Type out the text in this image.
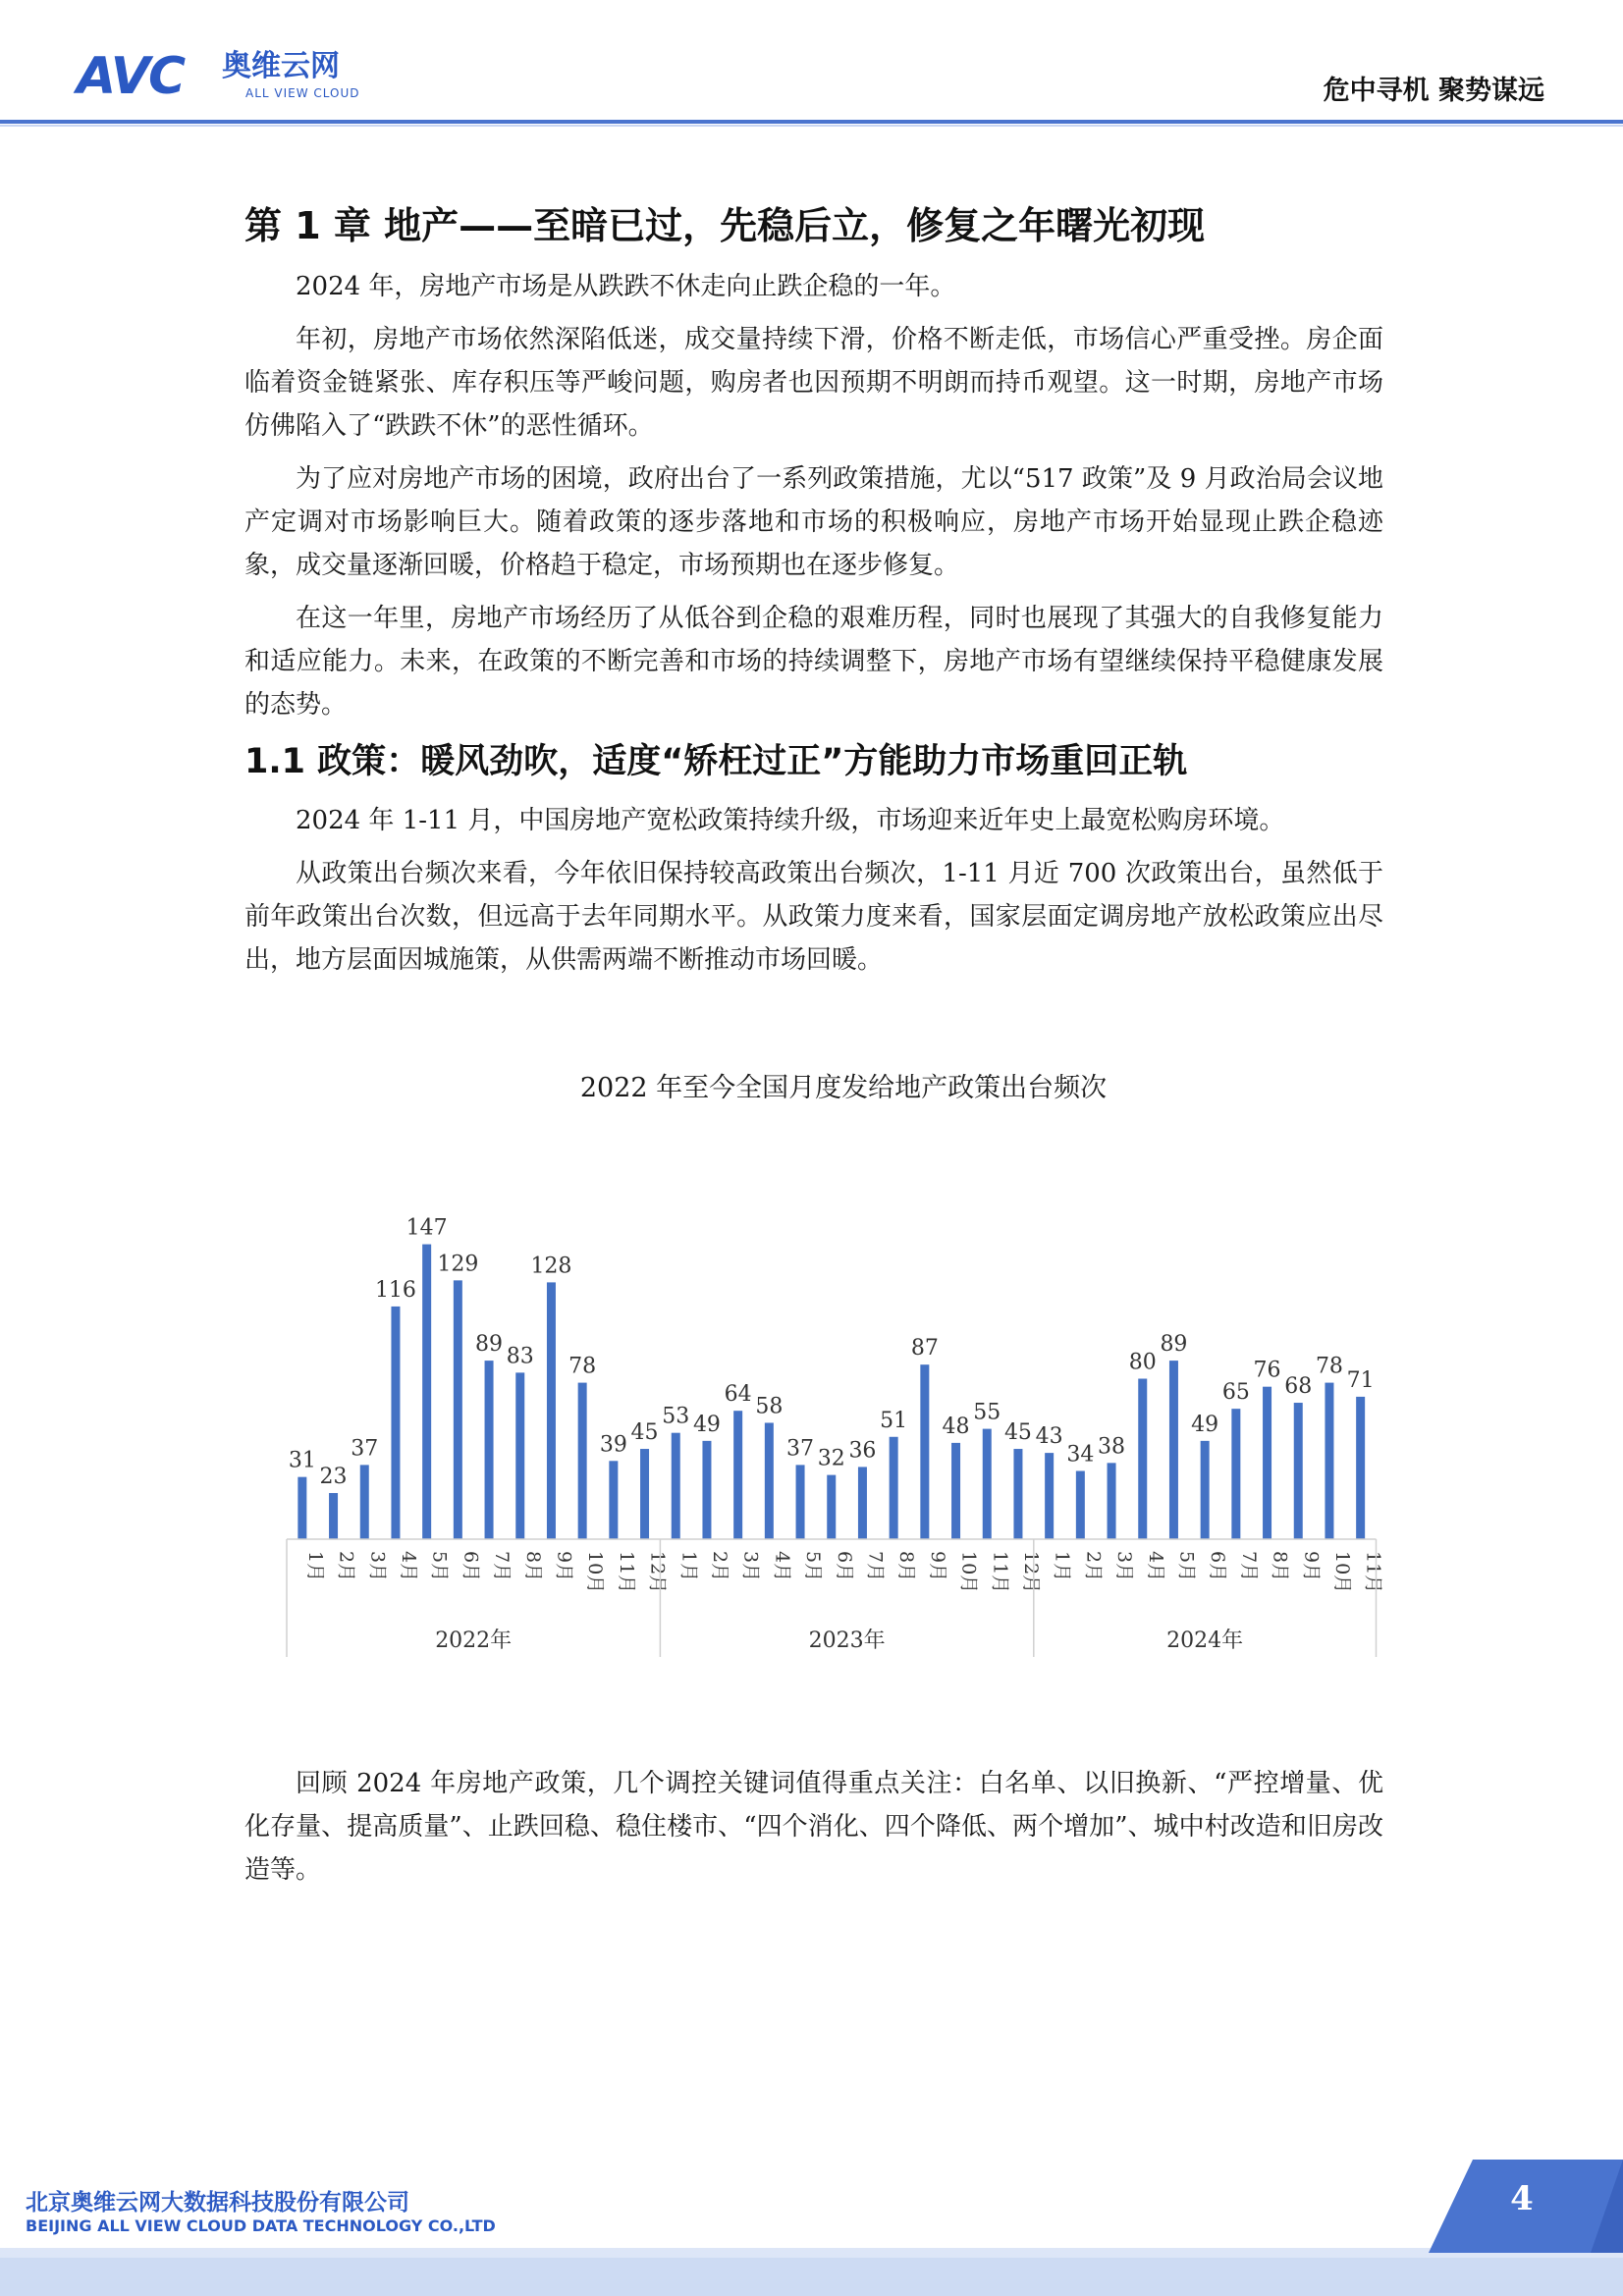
AVC 奥维云网
ALL VIEW CLOUD	危中寻机 聚势谋远
第 1 章 地产——至暗已过，先稳后立，修复之年曙光初现

2024 年，房地产市场是从跌跌不休走向止跌企稳的一年。

年初，房地产市场依然深陷低迷，成交量持续下滑，价格不断走低，市场信心严重受挫。房企面临着资金链紧张、库存积压等严峻问题，购房者也因预期不明朗而持币观望。这一时期，房地产市场仿佛陷入了“跌跌不休”的恶性循环。

为了应对房地产市场的困境，政府出台了一系列政策措施，尤以“517 政策”及 9 月政治局会议地产定调对市场影响巨大。随着政策的逐步落地和市场的积极响应，房地产市场开始显现止跌企稳迹象，成交量逐渐回暖，价格趋于稳定，市场预期也在逐步修复。

在这一年里，房地产市场经历了从低谷到企稳的艰难历程，同时也展现了其强大的自我修复能力和适应能力。未来，在政策的不断完善和市场的持续调整下，房地产市场有望继续保持平稳健康发展的态势。

1.1 政策：暖风劲吹，适度“矫枉过正”方能助力市场重回正轨

2024 年 1-11 月，中国房地产宽松政策持续升级，市场迎来近年史上最宽松购房环境。

从政策出台频次来看，今年依旧保持较高政策出台频次，1-11 月近 700 次政策出台，虽然低于前年政策出台次数，但远高于去年同期水平。从政策力度来看，国家层面定调房地产放松政策应出尽出，地方层面因城施策，从供需两端不断推动市场回暖。

2022 年至今全国月度发给地产政策出台频次
31
1月
23
2月
37
3月
116
4月
147
5月
129
6月
89
7月
83
8月
128
9月
78
10月
39
11月
45
12月
53
1月
49
2月
64
3月
58
4月
37
5月
32
6月
36
7月
51
8月
87
9月
48
10月
55
11月
45
12月
43
1月
34
2月
38
3月
80
4月
89
5月
49
6月
65
7月
76
8月
68
9月
78
10月
71
11月
2022年	2023年	2024年

回顾 2024 年房地产政策，几个调控关键词值得重点关注：白名单、以旧换新、“严控增量、优化存量、提高质量”、止跌回稳、稳住楼市、“四个消化、四个降低、两个增加”、城中村改造和旧房改造等。

北京奥维云网大数据科技股份有限公司
BEIJING ALL VIEW CLOUD DATA TECHNOLOGY CO.,LTD
4
